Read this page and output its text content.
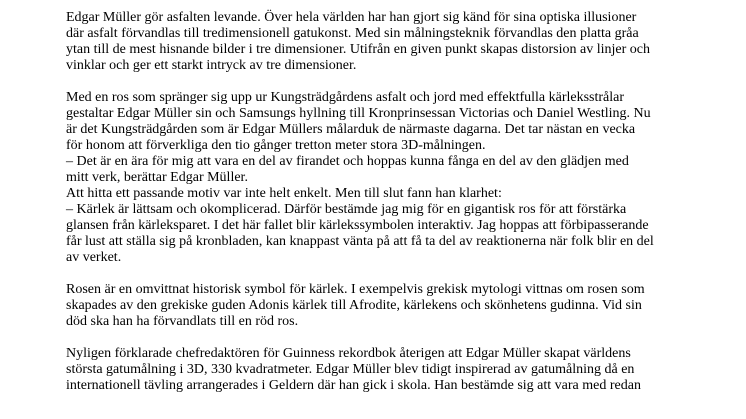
Edgar Müller gör asfalten levande. Över hela världen har han gjort sig känd för sina optiska illusioner
där asfalt förvandlas till tredimensionell gatukonst. Med sin målningsteknik förvandlas den platta gråa
ytan till de mest hisnande bilder i tre dimensioner. Utifrån en given punkt skapas distorsion av linjer och
vinklar och ger ett starkt intryck av tre dimensioner.

Med en ros som spränger sig upp ur Kungsträdgårdens asfalt och jord med effektfulla kärleksstrålar
gestaltar Edgar Müller sin och Samsungs hyllning till Kronprinsessan Victorias och Daniel Westling. Nu
är det Kungsträdgården som är Edgar Müllers målarduk de närmaste dagarna. Det tar nästan en vecka
för honom att förverkliga den tio gånger tretton meter stora 3D-målningen.
– Det är en ära för mig att vara en del av firandet och hoppas kunna fånga en del av den glädjen med
mitt verk, berättar Edgar Müller.
Att hitta ett passande motiv var inte helt enkelt. Men till slut fann han klarhet:
– Kärlek är lättsam och okomplicerad. Därför bestämde jag mig för en gigantisk ros för att förstärka
glansen från kärleksparet. I det här fallet blir kärlekssymbolen interaktiv. Jag hoppas att förbipasserande
får lust att ställa sig på kronbladen, kan knappast vänta på att få ta del av reaktionerna när folk blir en del
av verket.

Rosen är en omvittnat historisk symbol för kärlek. I exempelvis grekisk mytologi vittnas om rosen som
skapades av den grekiske guden Adonis kärlek till Afrodite, kärlekens och skönhetens gudinna. Vid sin
död ska han ha förvandlats till en röd ros.

Nyligen förklarade chefredaktören för Guinness rekordbok återigen att Edgar Müller skapat världens
största gatumålning i 3D, 330 kvadratmeter. Edgar Müller blev tidigt inspirerad av gatumålning då en
internationell tävling arrangerades i Geldern där han gick i skola. Han bestämde sig att vara med redan
